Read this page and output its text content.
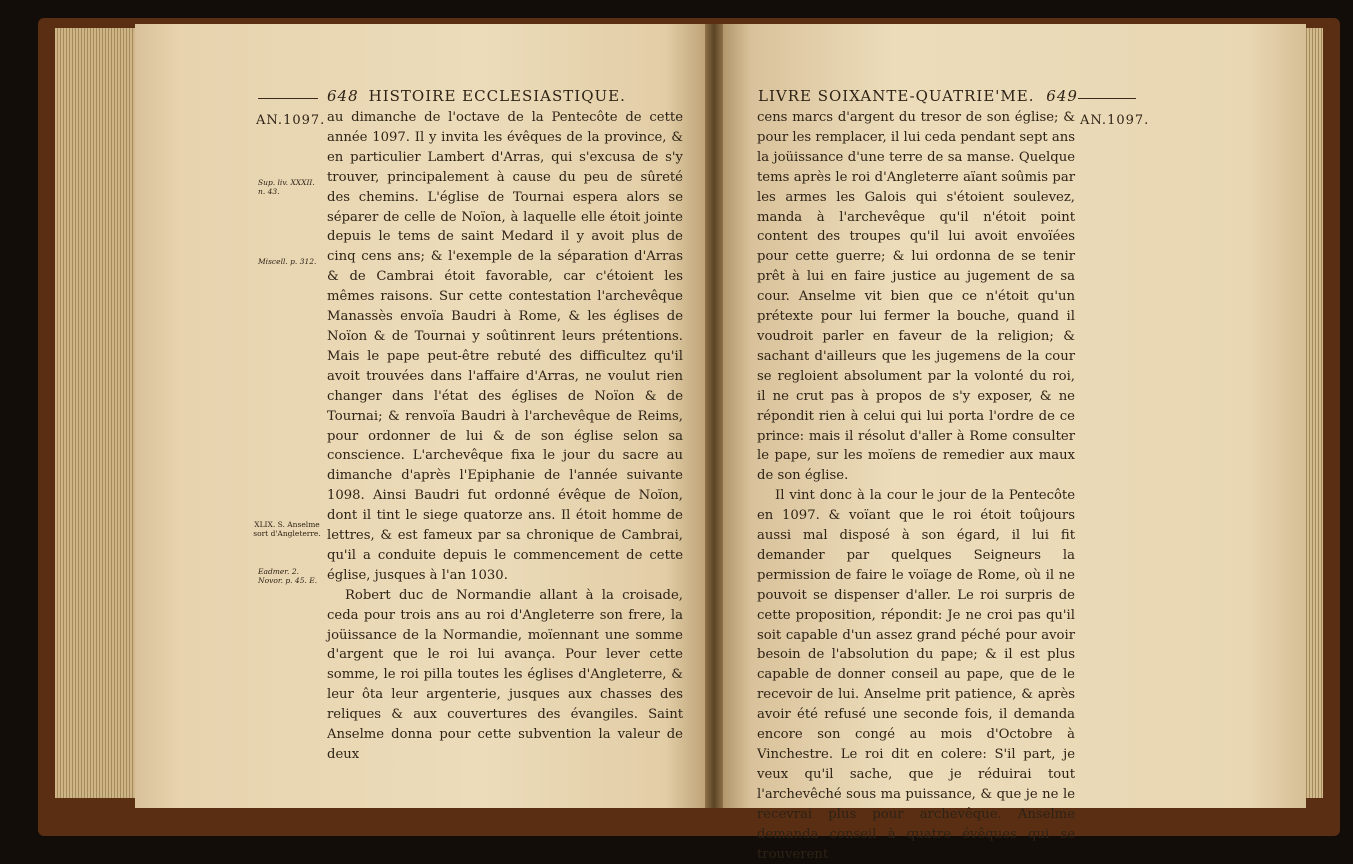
648 HISTOIRE ECCLESIASTIQUE.
AN.1097.
Sup. liv. XXXII. n. 43.
Miscell. p. 312.
XLIX. S. Anselme sort d'Angleterre.
Eadmer. 2. Novor. p. 45. E.

au dimanche de l'octave de la Pentecôte de cette année 1097. Il y invita les évêques de la province, & en particulier Lambert d'Arras, qui s'excusa de s'y trouver, principalement à cause du peu de sûreté des chemins. L'église de Tournai espera alors se séparer de celle de Noïon, à laquelle elle étoit jointe depuis le tems de saint Medard il y avoit plus de cinq cens ans; & l'exemple de la séparation d'Arras & de Cambrai étoit favorable, car c'étoient les mêmes raisons. Sur cette contestation l'archevêque Manassès envoïa Baudri à Rome, & les églises de Noïon & de Tournai y soûtinrent leurs prétentions. Mais le pape peut-être rebuté des difficultez qu'il avoit trouvées dans l'affaire d'Arras, ne voulut rien changer dans l'état des églises de Noïon & de Tournai; & renvoïa Baudri à l'archevêque de Reims, pour ordonner de lui & de son église selon sa conscience. L'archevêque fixa le jour du sacre au dimanche d'après l'Epiphanie de l'année suivante 1098. Ainsi Baudri fut ordonné évêque de Noïon, dont il tint le siege quatorze ans. Il étoit homme de lettres, & est fameux par sa chronique de Cambrai, qu'il a conduite depuis le commencement de cette église, jusques à l'an 1030.

Robert duc de Normandie allant à la croisade, ceda pour trois ans au roi d'Angleterre son frere, la joüissance de la Normandie, moïennant une somme d'argent que le roi lui avança. Pour lever cette somme, le roi pilla toutes les églises d'Angleterre, & leur ôta leur argenterie, jusques aux chasses des reliques & aux couvertures des évangiles. Saint Anselme donna pour cette subvention la valeur de deux

LIVRE SOIXANTE-QUATRIE'ME. 649
AN.1097.

cens marcs d'argent du tresor de son église; & pour les remplacer, il lui ceda pendant sept ans la joüissance d'une terre de sa manse. Quelque tems après le roi d'Angleterre aïant soûmis par les armes les Galois qui s'étoient soulevez, manda à l'archevêque qu'il n'étoit point content des troupes qu'il lui avoit envoïées pour cette guerre; & lui ordonna de se tenir prêt à lui en faire justice au jugement de sa cour. Anselme vit bien que ce n'étoit qu'un prétexte pour lui fermer la bouche, quand il voudroit parler en faveur de la religion; & sachant d'ailleurs que les jugemens de la cour se regloient absolument par la volonté du roi, il ne crut pas à propos de s'y exposer, & ne répondit rien à celui qui lui porta l'ordre de ce prince: mais il résolut d'aller à Rome consulter le pape, sur les moïens de remedier aux maux de son église.

Il vint donc à la cour le jour de la Pentecôte en 1097. & voïant que le roi étoit toûjours aussi mal disposé à son égard, il lui fit demander par quelques Seigneurs la permission de faire le voïage de Rome, où il ne pouvoit se dispenser d'aller. Le roi surpris de cette proposition, répondit: Je ne croi pas qu'il soit capable d'un assez grand péché pour avoir besoin de l'absolution du pape; & il est plus capable de donner conseil au pape, que de le recevoir de lui. Anselme prit patience, & après avoir été refusé une seconde fois, il demanda encore son congé au mois d'Octobre à Vinchestre. Le roi dit en colere: S'il part, je veux qu'il sache, que je réduirai tout l'archevêché sous ma puissance, & que je ne le recevrai plus pour archevêque. Anselme demanda conseil à quatre évêques qui se trouverent
